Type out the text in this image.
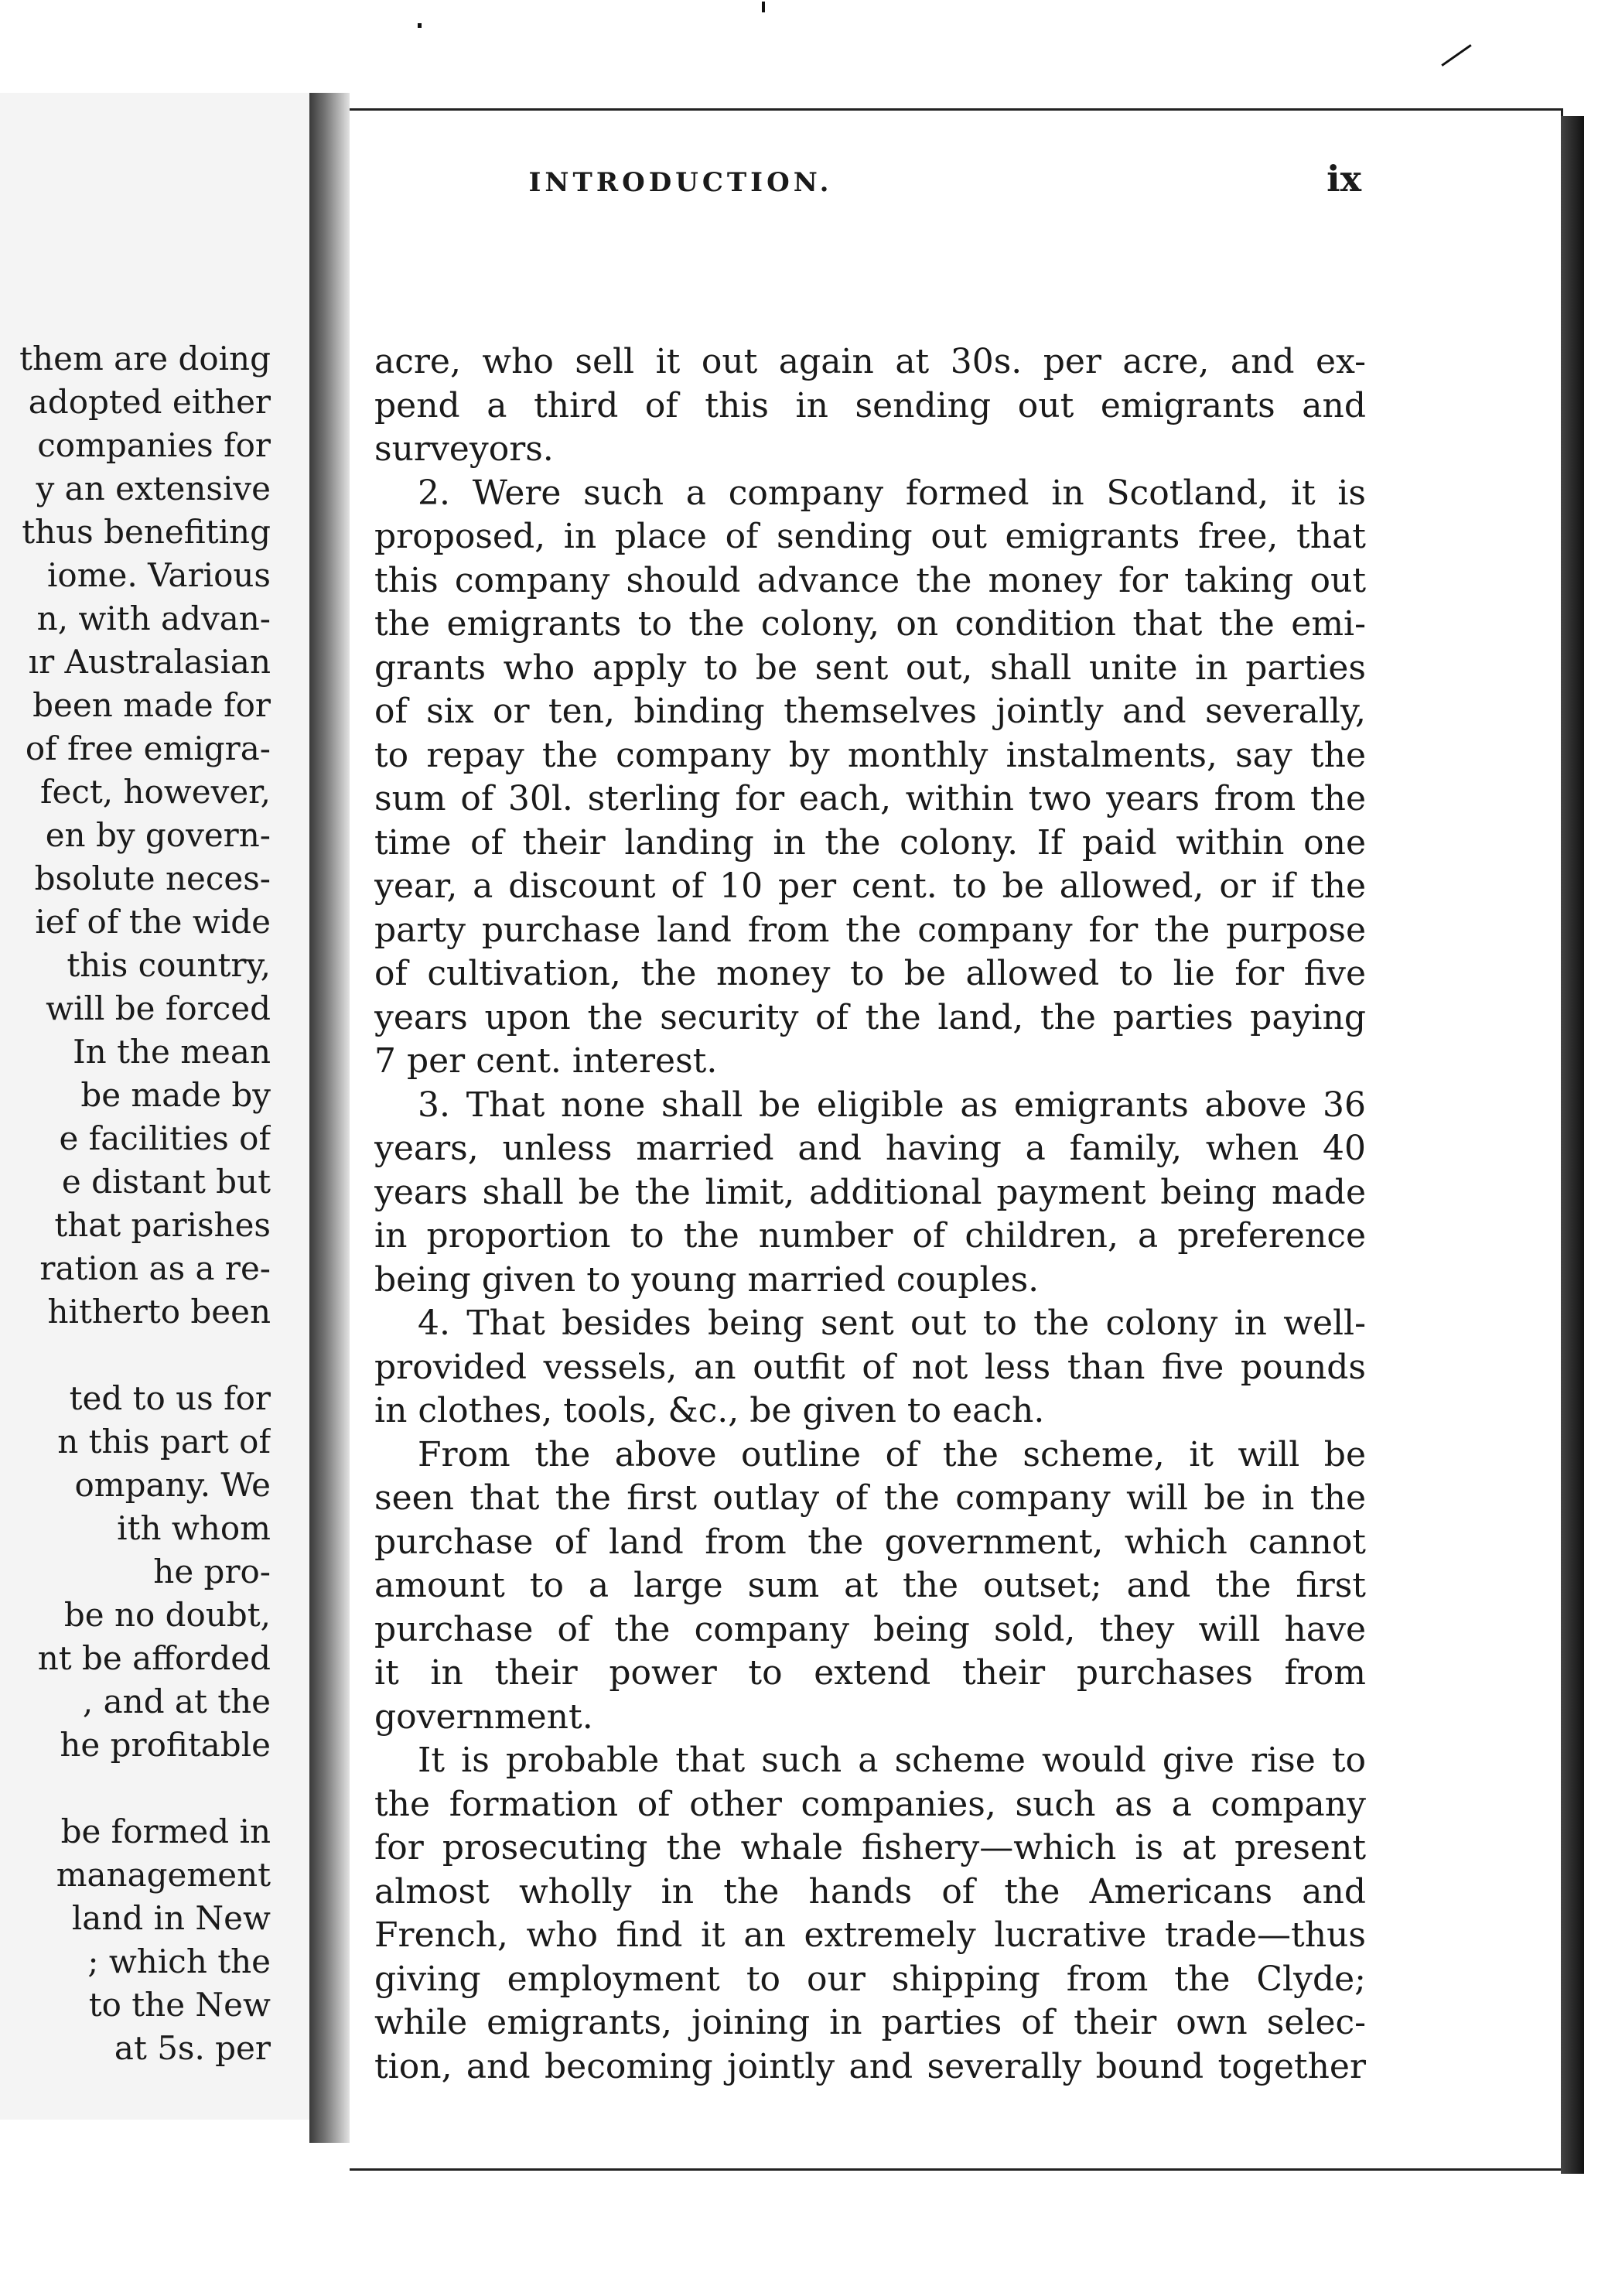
them are doing
adopted either
companies for
y an extensive
thus benefiting
iome. Various
n, with advan-
ır Australasian
been made for
of free emigra-
fect, however,
en by govern-
bsolute neces-
ief of the wide
this country,
will be forced
In the mean
be made by
e facilities of
e distant but
that parishes
ration as a re-
hitherto been
ted to us for
n this part of
ompany. We
ith whom
he pro-
be no doubt,
nt be afforded
, and at the
he profitable
be formed in
management
land in New
; which the
to the New
at 5s. per
INTRODUCTION.	ix
acre, who sell it out again at 30s. per acre, and ex-
pend a third of this in sending out emigrants and
surveyors.
2. Were such a company formed in Scotland, it is
proposed, in place of sending out emigrants free, that
this company should advance the money for taking out
the emigrants to the colony, on condition that the emi-
grants who apply to be sent out, shall unite in parties
of six or ten, binding themselves jointly and severally,
to repay the company by monthly instalments, say the
sum of 30l. sterling for each, within two years from the
time of their landing in the colony. If paid within one
year, a discount of 10 per cent. to be allowed, or if the
party purchase land from the company for the purpose
of cultivation, the money to be allowed to lie for five
years upon the security of the land, the parties paying
7 per cent. interest.
3. That none shall be eligible as emigrants above 36
years, unless married and having a family, when 40
years shall be the limit, additional payment being made
in proportion to the number of children, a preference
being given to young married couples.
4. That besides being sent out to the colony in well-
provided vessels, an outfit of not less than five pounds
in clothes, tools, &c., be given to each.
From the above outline of the scheme, it will be
seen that the first outlay of the company will be in the
purchase of land from the government, which cannot
amount to a large sum at the outset; and the first
purchase of the company being sold, they will have
it in their power to extend their purchases from
government.
It is probable that such a scheme would give rise to
the formation of other companies, such as a company
for prosecuting the whale fishery—which is at present
almost wholly in the hands of the Americans and
French, who find it an extremely lucrative trade—thus
giving employment to our shipping from the Clyde;
while emigrants, joining in parties of their own selec-
tion, and becoming jointly and severally bound together
